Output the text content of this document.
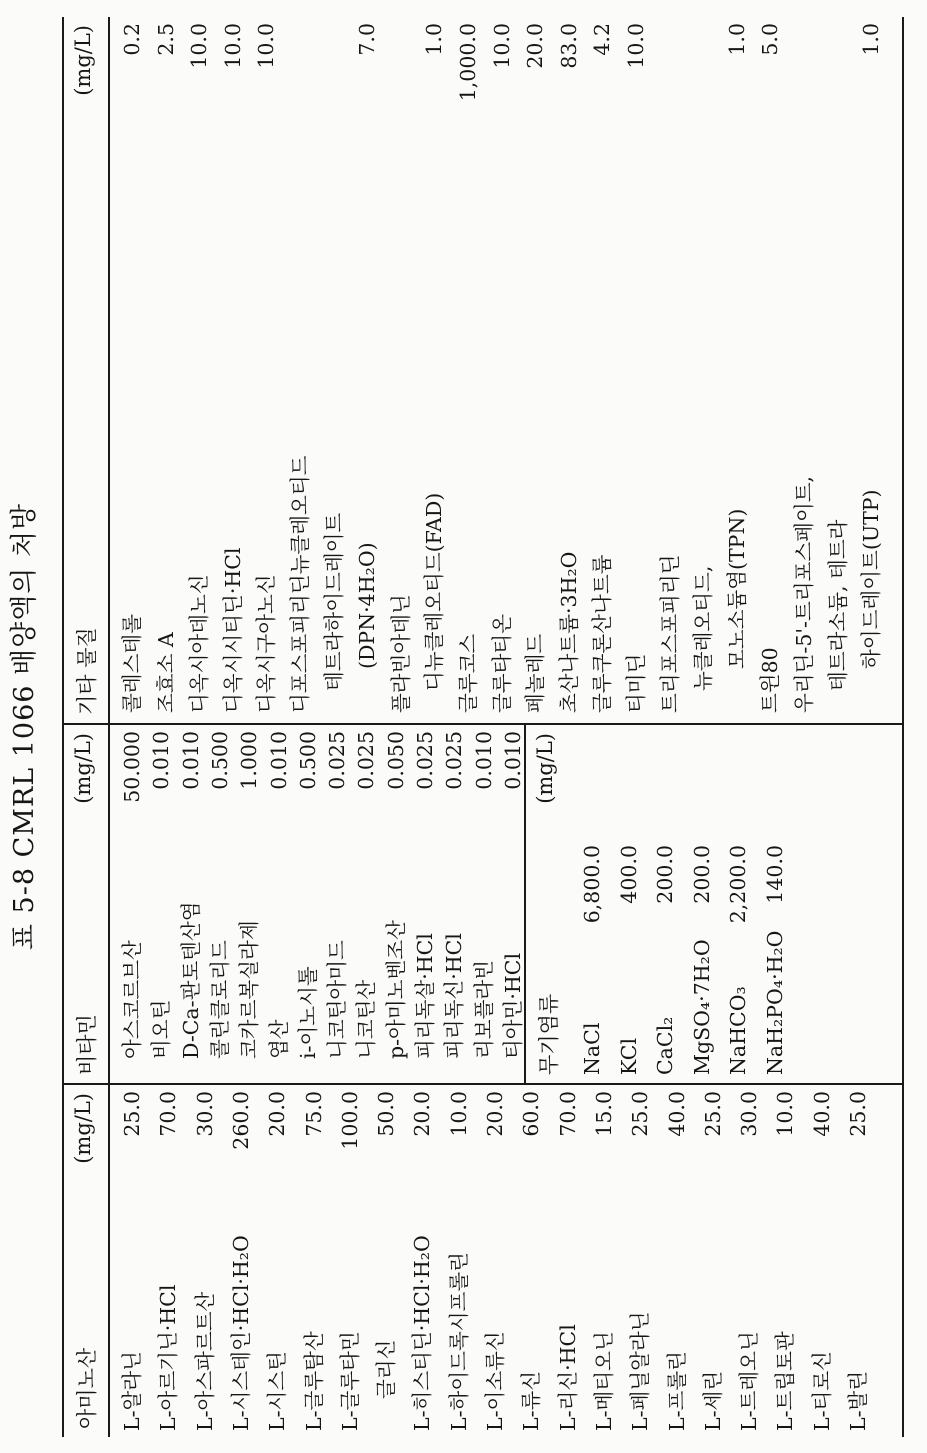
표 5-8 CMRL 1066 배양액의 처방
아미노산
(mg/L)
L-알라닌
25.0
L-아르기닌·HCl
70.0
L-아스파르트산
30.0
L-시스테인·HCl·H₂O
260.0
L-시스틴
20.0
L-글루탐산
75.0
L-글루타민
100.0
글리신
50.0
L-히스티딘·HCl·H₂O
20.0
L-하이드록시프롤린
10.0
L-이소류신
20.0
L-류신
60.0
L-리신·HCl
70.0
L-메티오닌
15.0
L-페닐알라닌
25.0
L-프롤린
40.0
L-세린
25.0
L-트레오닌
30.0
L-트립토판
10.0
L-티로신
40.0
L-발린
25.0
비타민
(mg/L)
아스코르브산
50.000
비오틴
0.010
D-Ca-판토텐산염
0.010
콜린클로리드
0.500
코카르복실라제
1.000
엽산
0.010
i-이노시톨
0.500
니코틴아미드
0.025
니코틴산
0.025
p-아미노벤조산
0.050
피리독살·HCl
0.025
피리독신·HCl
0.025
리보플라빈
0.010
티아민·HCl
0.010
무기염류
(mg/L)
NaCl
6,800.0
KCl
400.0
CaCl₂
200.0
MgSO₄·7H₂O
200.0
NaHCO₃
2,200.0
NaH₂PO₄·H₂O
140.0
기타 물질
(mg/L)
콜레스테롤
0.2
조효소 A
2.5
디옥시아데노신
10.0
디옥시시티딘·HCl
10.0
디옥시구아노신
10.0
디포스포피리딘뉴클레오티드 테트라하이드레이트 (DPN·4H₂O)
7.0
플라빈아데닌 디뉴클레오티드(FAD)
1.0
글루코스
1,000.0
글루타티온
10.0
페놀레드
20.0
초산나트륨·3H₂O
83.0
글루쿠론산나트륨
4.2
티미딘
10.0
트리포스포피리딘 뉴클레오티드, 모노소듐염(TPN)
1.0
트윈80
5.0
우리딘-5'-트리포스페이트, 테트라소듐, 테트라 하이드레이트(UTP)
1.0
